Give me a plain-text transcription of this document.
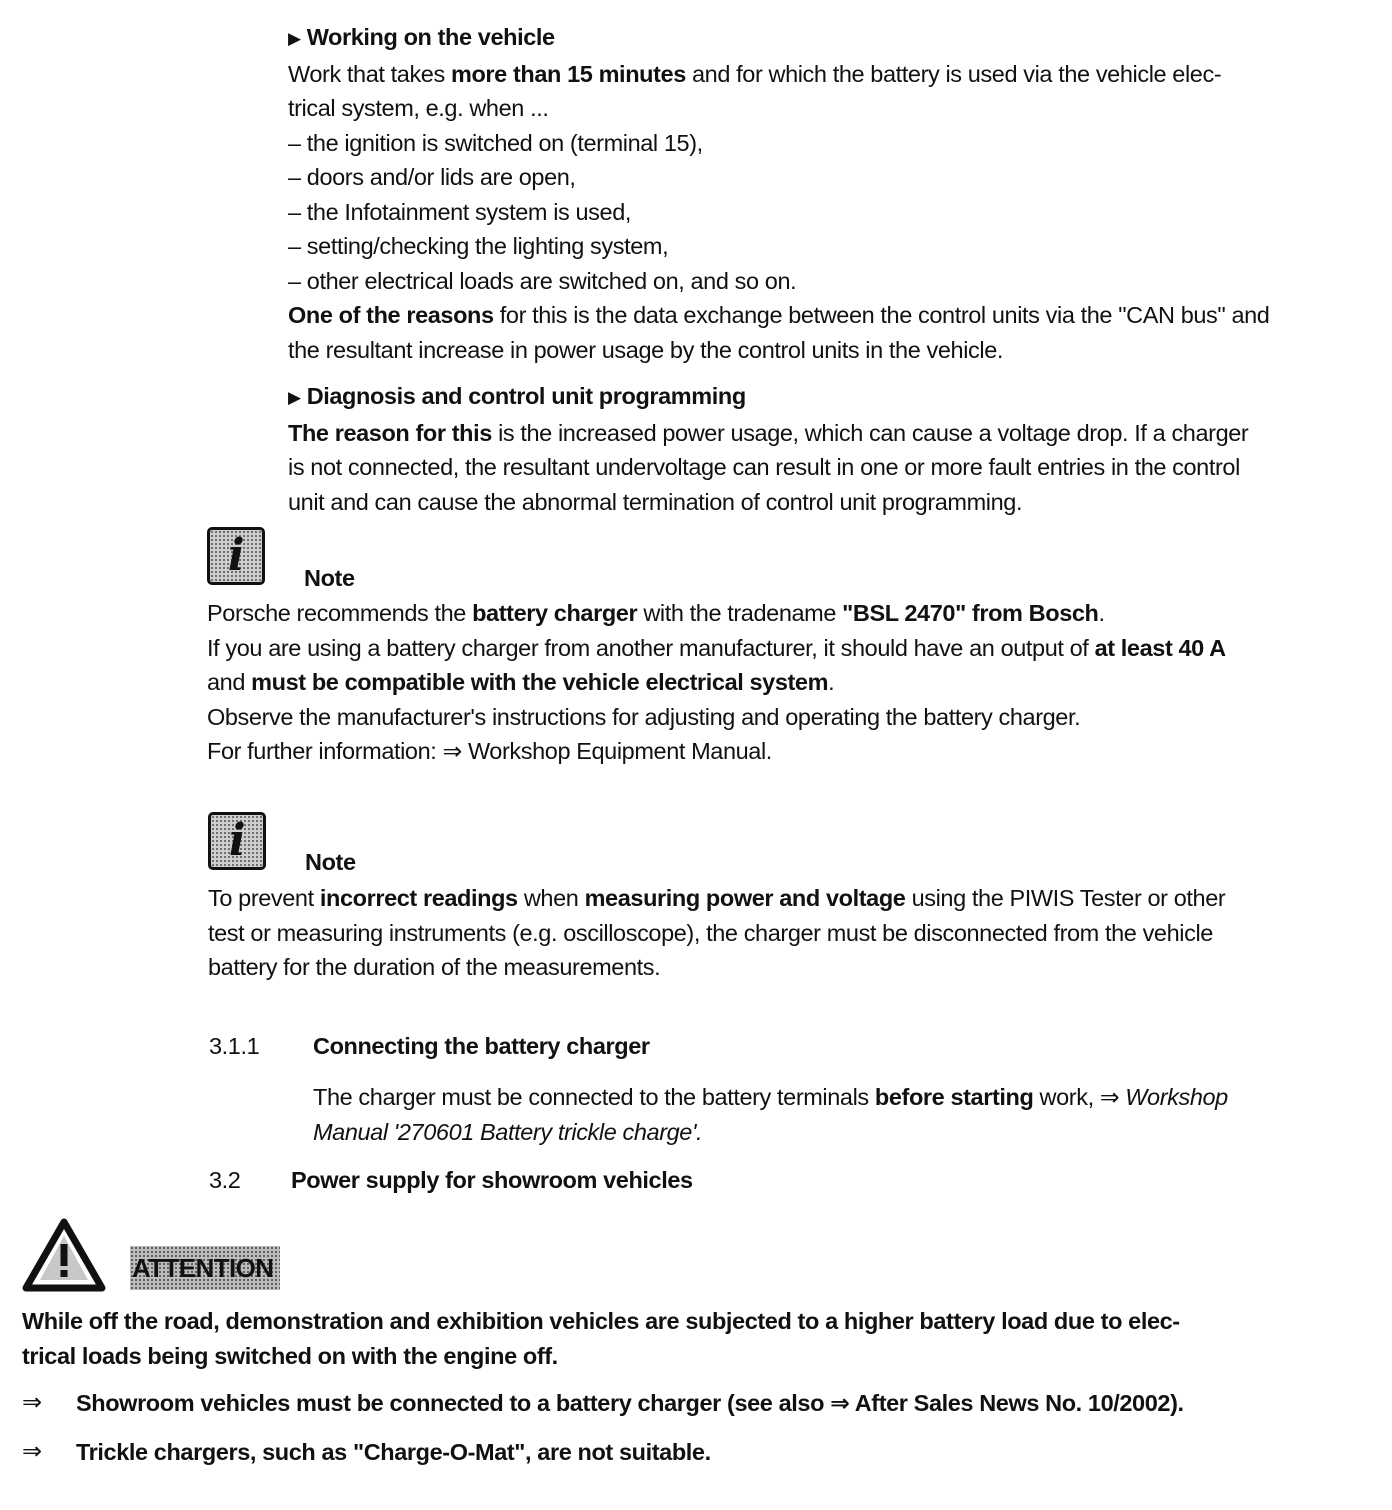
▶ Working on the vehicle
Work that takes more than 15 minutes and for which the battery is used via the vehicle elec-
trical system, e.g. when ...
– the ignition is switched on (terminal 15),
– doors and/or lids are open,
– the Infotainment system is used,
– setting/checking the lighting system,
– other electrical loads are switched on, and so on.
One of the reasons for this is the data exchange between the control units via the "CAN bus" and
the resultant increase in power usage by the control units in the vehicle.
▶ Diagnosis and control unit programming
The reason for this is the increased power usage, which can cause a voltage drop. If a charger
is not connected, the resultant undervoltage can result in one or more fault entries in the control
unit and can cause the abnormal termination of control unit programming.
i	Note
Porsche recommends the battery charger with the tradename "BSL 2470" from Bosch.
If you are using a battery charger from another manufacturer, it should have an output of at least 40 A
and must be compatible with the vehicle electrical system.
Observe the manufacturer's instructions for adjusting and operating the battery charger.
For further information: ⇒ Workshop Equipment Manual.
i	Note
To prevent incorrect readings when measuring power and voltage using the PIWIS Tester or other
test or measuring instruments (e.g. oscilloscope), the charger must be disconnected from the vehicle
battery for the duration of the measurements.
3.1.1 Connecting the battery charger
The charger must be connected to the battery terminals before starting work, ⇒ Workshop
Manual '270601 Battery trickle charge'.
3.2 Power supply for showroom vehicles
ATTENTION
While off the road, demonstration and exhibition vehicles are subjected to a higher battery load due to elec-
trical loads being switched on with the engine off.
⇒ Showroom vehicles must be connected to a battery charger (see also ⇒ After Sales News No. 10/2002).
⇒ Trickle chargers, such as "Charge-O-Mat", are not suitable.
